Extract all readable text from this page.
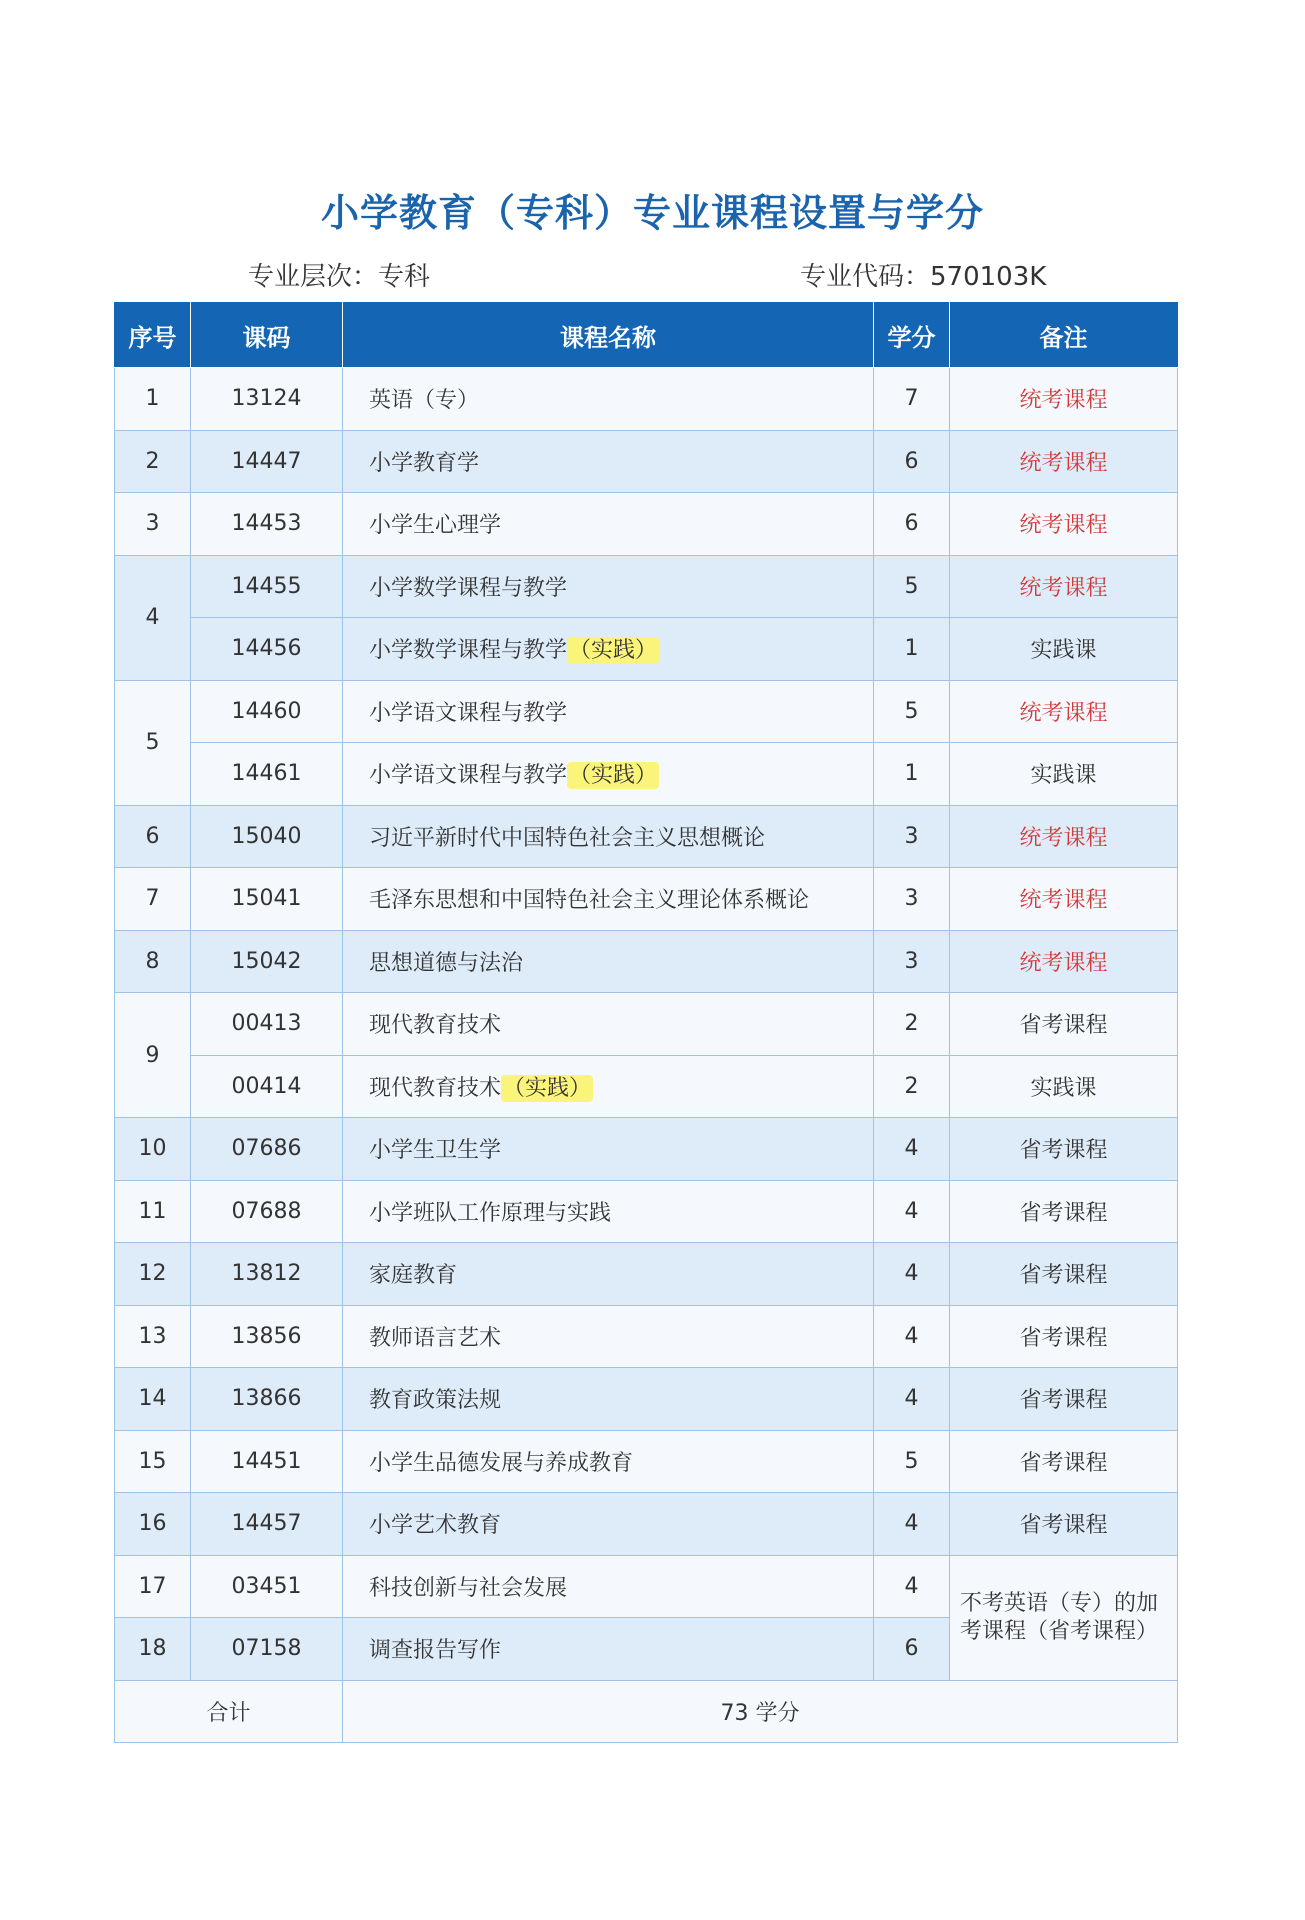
小学教育（专科）专业课程设置与学分
专业层次：专科	专业代码：570103K
序号	课码	课程名称	学分	备注
1	13124	英语（专）	7	统考课程
2	14447	小学教育学	6	统考课程
3	14453	小学生心理学	6	统考课程
4	14455	小学数学课程与教学	5	统考课程
	14456	小学数学课程与教学（实践）	1	实践课
5	14460	小学语文课程与教学	5	统考课程
	14461	小学语文课程与教学（实践）	1	实践课
6	15040	习近平新时代中国特色社会主义思想概论	3	统考课程
7	15041	毛泽东思想和中国特色社会主义理论体系概论	3	统考课程
8	15042	思想道德与法治	3	统考课程
9	00413	现代教育技术	2	省考课程
	00414	现代教育技术（实践）	2	实践课
10	07686	小学生卫生学	4	省考课程
11	07688	小学班队工作原理与实践	4	省考课程
12	13812	家庭教育	4	省考课程
13	13856	教师语言艺术	4	省考课程
14	13866	教育政策法规	4	省考课程
15	14451	小学生品德发展与养成教育	5	省考课程
16	14457	小学艺术教育	4	省考课程
17	03451	科技创新与社会发展	4	不考英语（专）的加考课程（省考课程）
18	07158	调查报告写作	6	
合计		73 学分		
